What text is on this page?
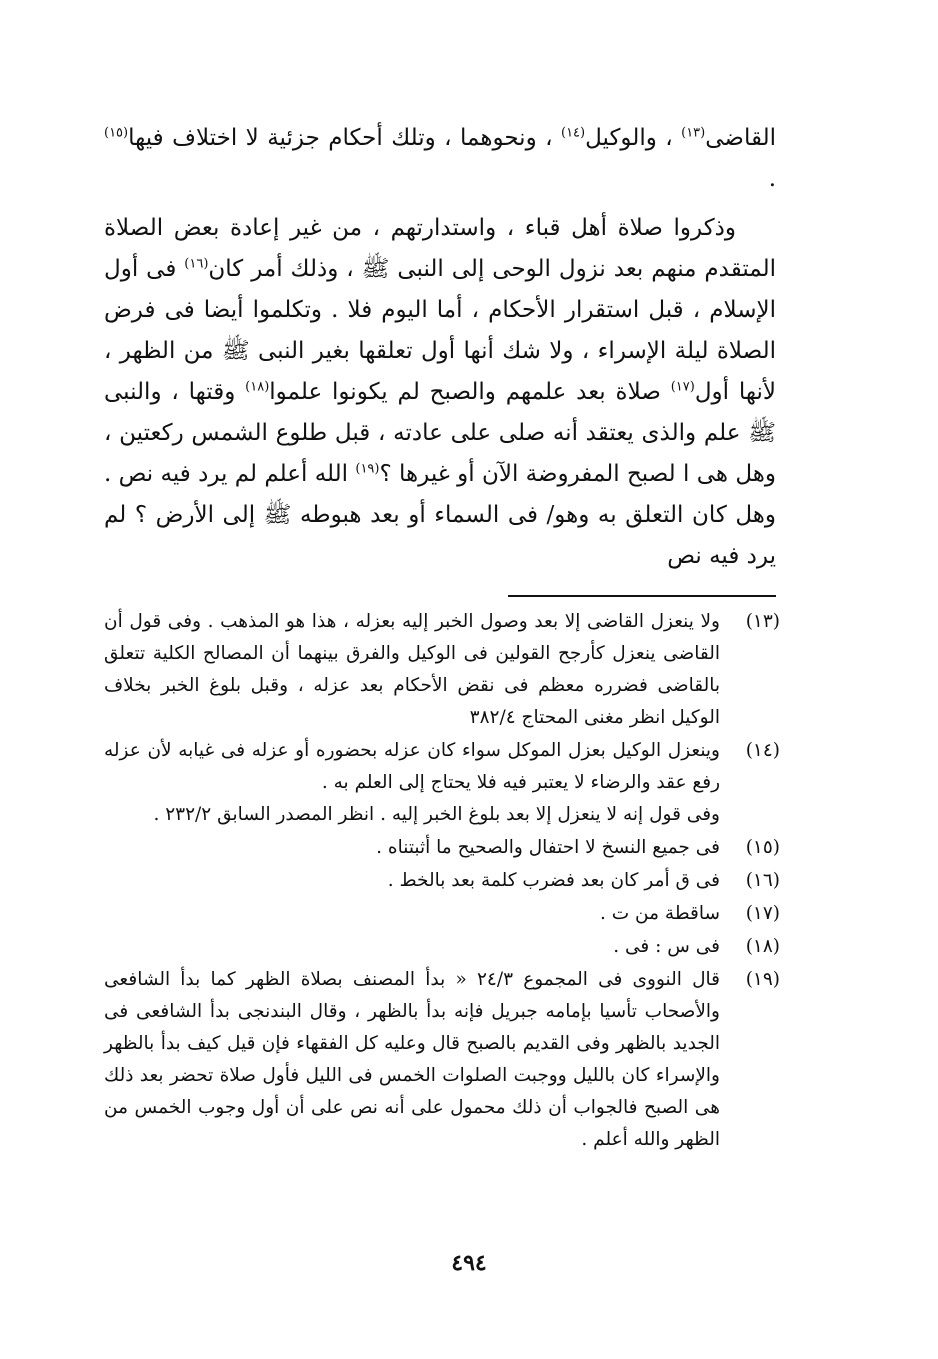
القاضى$^{(١٣)}$ ، والوكيل$^{(١٤)}$ ، ونحوهما ، وتلك أحكام جزئية لا اختلاف فيها$^{(١٥)}$ .

وذكروا صلاة أهل قباء ، واستدارتهم ، من غير إعادة بعض الصلاة المتقدم منهم بعد نزول الوحى إلى النبى ﷺ ، وذلك أمر كان$^{(١٦)}$ فى أول الإسلام ، قبل استقرار الأحكام ، أما اليوم فلا . وتكلموا أيضا فى فرض الصلاة ليلة الإسراء ، ولا شك أنها أول تعلقها بغير النبى ﷺ من الظهر ، لأنها أول$^{(١٧)}$ صلاة بعد علمهم والصبح لم يكونوا علموا$^{(١٨)}$ وقتها ، والنبى ﷺ علم والذى يعتقد أنه صلى على عادته ، قبل طلوع الشمس ركعتين ، وهل هى ا لصبح المفروضة الآن أو غيرها ؟$^{(١٩)}$ الله أعلم لم يرد فيه نص . وهل كان التعلق به وهو/ فى السماء أو بعد هبوطه ﷺ إلى الأرض ؟ لم يرد فيه نص

(١٣)

ولا ينعزل القاضى إلا بعد وصول الخبر إليه بعزله ، هذا هو المذهب . وفى قول أن القاضى ينعزل كأرجح القولين فى الوكيل والفرق بينهما أن المصالح الكلية تتعلق بالقاضى فضرره معظم فى نقض الأحكام بعد عزله ، وقبل بلوغ الخبر بخلاف الوكيل انظر مغنى المحتاج ٣٨٢/٤

(١٤)

وينعزل الوكيل بعزل الموكل سواء كان عزله بحضوره أو عزله فى غيابه لأن عزله رفع عقد والرضاء لا يعتبر فيه فلا يحتاج إلى العلم به .

وفى قول إنه لا ينعزل إلا بعد بلوغ الخبر إليه . انظر المصدر السابق ٢٣٢/٢ .

(١٥)

فى جميع النسخ لا احتفال والصحيح ما أثبتناه .

(١٦)

فى ق أمر كان بعد فضرب كلمة بعد بالخط .

(١٧)

ساقطة من ت .

(١٨)

فى س : فى .

(١٩)

قال النووى فى المجموع ٢٤/٣ « بدأ المصنف بصلاة الظهر كما بدأ الشافعى والأصحاب تأسيا بإمامه جبريل فإنه بدأ بالظهر ، وقال البندنجى بدأ الشافعى فى الجديد بالظهر وفى القديم بالصبح قال وعليه كل الفقهاء فإن قيل كيف بدأ بالظهر والإسراء كان بالليل ووجبت الصلوات الخمس فى الليل فأول صلاة تحضر بعد ذلك هى الصبح فالجواب أن ذلك محمول على أنه نص على أن أول وجوب الخمس من الظهر والله أعلم .

٤٩٤
